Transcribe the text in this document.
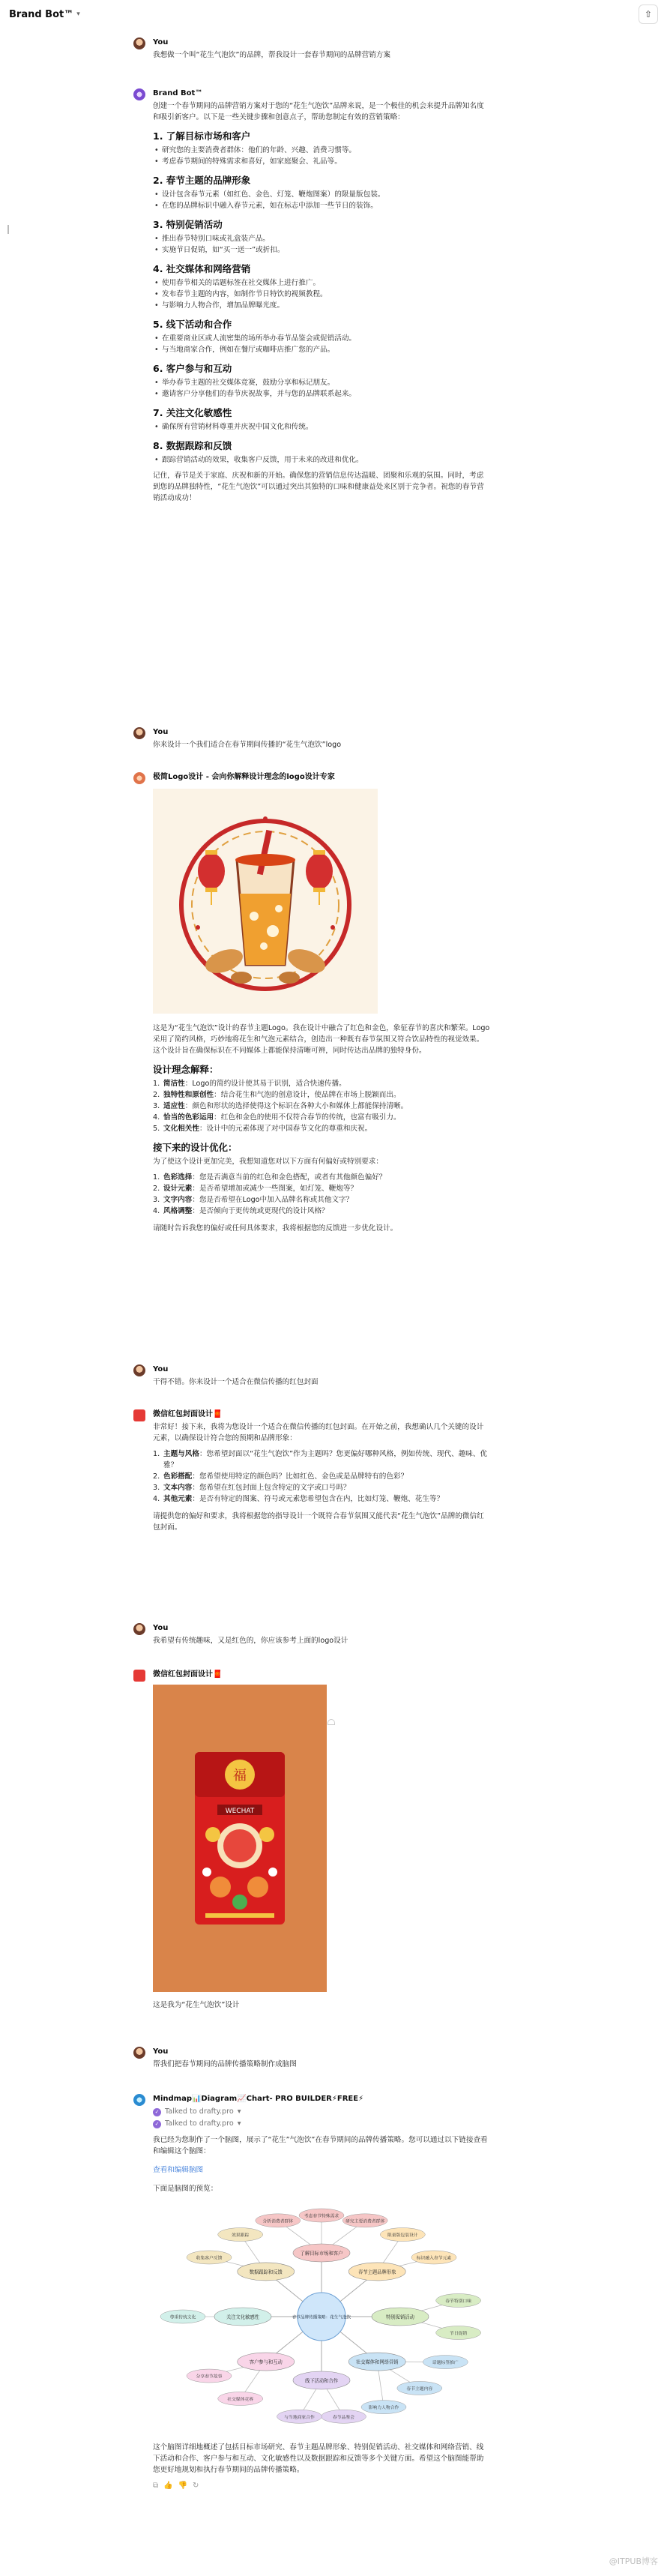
Brand Bot™ ▾	⇧
You
我想做一个叫“花生气泡饮”的品牌，帮我设计一套春节期间的品牌营销方案
Brand Bot™

创建一个春节期间的品牌营销方案对于您的“花生气泡饮”品牌来说，是一个极佳的机会来提升品牌知名度和吸引新客户。以下是一些关键步骤和创意点子，帮助您制定有效的营销策略：

1. 了解目标市场和客户
• 研究您的主要消费者群体：他们的年龄、兴趣、消费习惯等。
• 考虑春节期间的特殊需求和喜好，如家庭聚会、礼品等。
2. 春节主题的品牌形象
• 设计包含春节元素（如红色、金色、灯笼、鞭炮图案）的限量版包装。
• 在您的品牌标识中融入春节元素，如在标志中添加一些节日的装饰。
3. 特别促销活动
• 推出春节特别口味或礼盒装产品。
• 实施节日促销，如“买一送一”或折扣。
4. 社交媒体和网络营销
• 使用春节相关的话题标签在社交媒体上进行推广。
• 发布春节主题的内容，如制作节日特饮的视频教程。
• 与影响力人物合作，增加品牌曝光度。
5. 线下活动和合作
• 在重要商业区或人流密集的场所举办春节品鉴会或促销活动。
• 与当地商家合作，例如在餐厅或咖啡店推广您的产品。
6. 客户参与和互动
• 举办春节主题的社交媒体竞赛，鼓励分享和标记朋友。
• 邀请客户分享他们的春节庆祝故事，并与您的品牌联系起来。
7. 关注文化敏感性
• 确保所有营销材料尊重并庆祝中国文化和传统。
8. 数据跟踪和反馈
• 跟踪营销活动的效果，收集客户反馈，用于未来的改进和优化。

记住，春节是关于家庭、庆祝和新的开始。确保您的营销信息传达温暖、团聚和乐观的氛围。同时，考虑到您的品牌独特性，“花生气泡饮”可以通过突出其独特的口味和健康益处来区别于竞争者。祝您的春节营销活动成功！

You
你来设计一个我们适合在春节期间传播的“花生气泡饮”logo
极简Logo设计 - 会向你解释设计理念的logo设计专家

这是为“花生气泡饮”设计的春节主题Logo。我在设计中融合了红色和金色，象征春节的喜庆和繁荣。Logo采用了简约风格，巧妙地将花生和气泡元素结合，创造出一种既有春节氛围又符合饮品特性的视觉效果。这个设计旨在确保标识在不同媒体上都能保持清晰可辨，同时传达出品牌的独特身份。

设计理念解释：
1. 简洁性：Logo的简约设计使其易于识别，适合快速传播。
2. 独特性和原创性：结合花生和气泡的创意设计，使品牌在市场上脱颖而出。
3. 适应性：颜色和形状的选择使得这个标识在各种大小和媒体上都能保持清晰。
4. 恰当的色彩运用：红色和金色的使用不仅符合春节的传统，也富有吸引力。
5. 文化相关性：设计中的元素体现了对中国春节文化的尊重和庆祝。
接下来的设计优化：

为了使这个设计更加完美，我想知道您对以下方面有何偏好或特别要求：

1. 色彩选择：您是否满意当前的红色和金色搭配，或者有其他颜色偏好？
2. 设计元素：是否希望增加或减少一些图案，如灯笼、鞭炮等？
3. 文字内容：您是否希望在Logo中加入品牌名称或其他文字？
4. 风格调整：是否倾向于更传统或更现代的设计风格？

请随时告诉我您的偏好或任何具体要求，我将根据您的反馈进一步优化设计。

You
干得不错。你来设计一个适合在微信传播的红包封面
微信红包封面设计🧧

非常好！接下来，我将为您设计一个适合在微信传播的红包封面。在开始之前，我想确认几个关键的设计元素，以确保设计符合您的预期和品牌形象：

1. 主题与风格：您希望封面以“花生气泡饮”作为主题吗？您更偏好哪种风格，例如传统、现代、趣味、优雅？
2. 色彩搭配：您希望使用特定的颜色吗？比如红色、金色或是品牌特有的色彩？
3. 文本内容：您希望在红包封面上包含特定的文字或口号吗？
4. 其他元素：是否有特定的图案、符号或元素您希望包含在内，比如灯笼、鞭炮、花生等？

请提供您的偏好和要求，我将根据您的指导设计一个既符合春节氛围又能代表“花生气泡饮”品牌的微信红包封面。

You
我希望有传统趣味，又是红色的，你应该参考上面的logo设计
微信红包封面设计🧧
福
WECHAT
这是我为“花生气泡饮”设计
You
帮我们把春节期间的品牌传播策略制作成脑图
Mindmap📊Diagram📈Chart- PRO BUILDER⚡FREE⚡
✓ Talked to drafty.pro ▾
✓ Talked to drafty.pro ▾

我已经为您制作了一个脑图，展示了“花生”气泡饮”在春节期间的品牌传播策略。您可以通过以下链接查看和编辑这个脑图：

查看和编辑脑图

下面是脑图的预览：

分析消费者群体
考虑春节特殊需求
研究主要消费者群体
了解目标市场和客户
限量版包装设计
标识融入春节元素
春节主题品牌形象
春节特别口味
节日促销
特别促销活动
话题标签推广
春节主题内容
影响力人物合作
社交媒体和网络营销
春节品鉴会
与当地商家合作
线下活动和合作
社交媒体竞赛
分享春节故事
客户参与和互动
尊重传统文化	关注文化敏感性
收集客户反馈
效果跟踪
数据跟踪和反馈
春节品牌传播策略：花生气泡饮

这个脑图详细地概述了包括目标市场研究、春节主题品牌形象、特别促销活动、社交媒体和网络营销、线下活动和合作、客户参与和互动、文化敏感性以及数据跟踪和反馈等多个关键方面。希望这个脑图能帮助您更好地规划和执行春节期间的品牌传播策略。

⧉ 👍 👎 ↻
@ITPUB博客
